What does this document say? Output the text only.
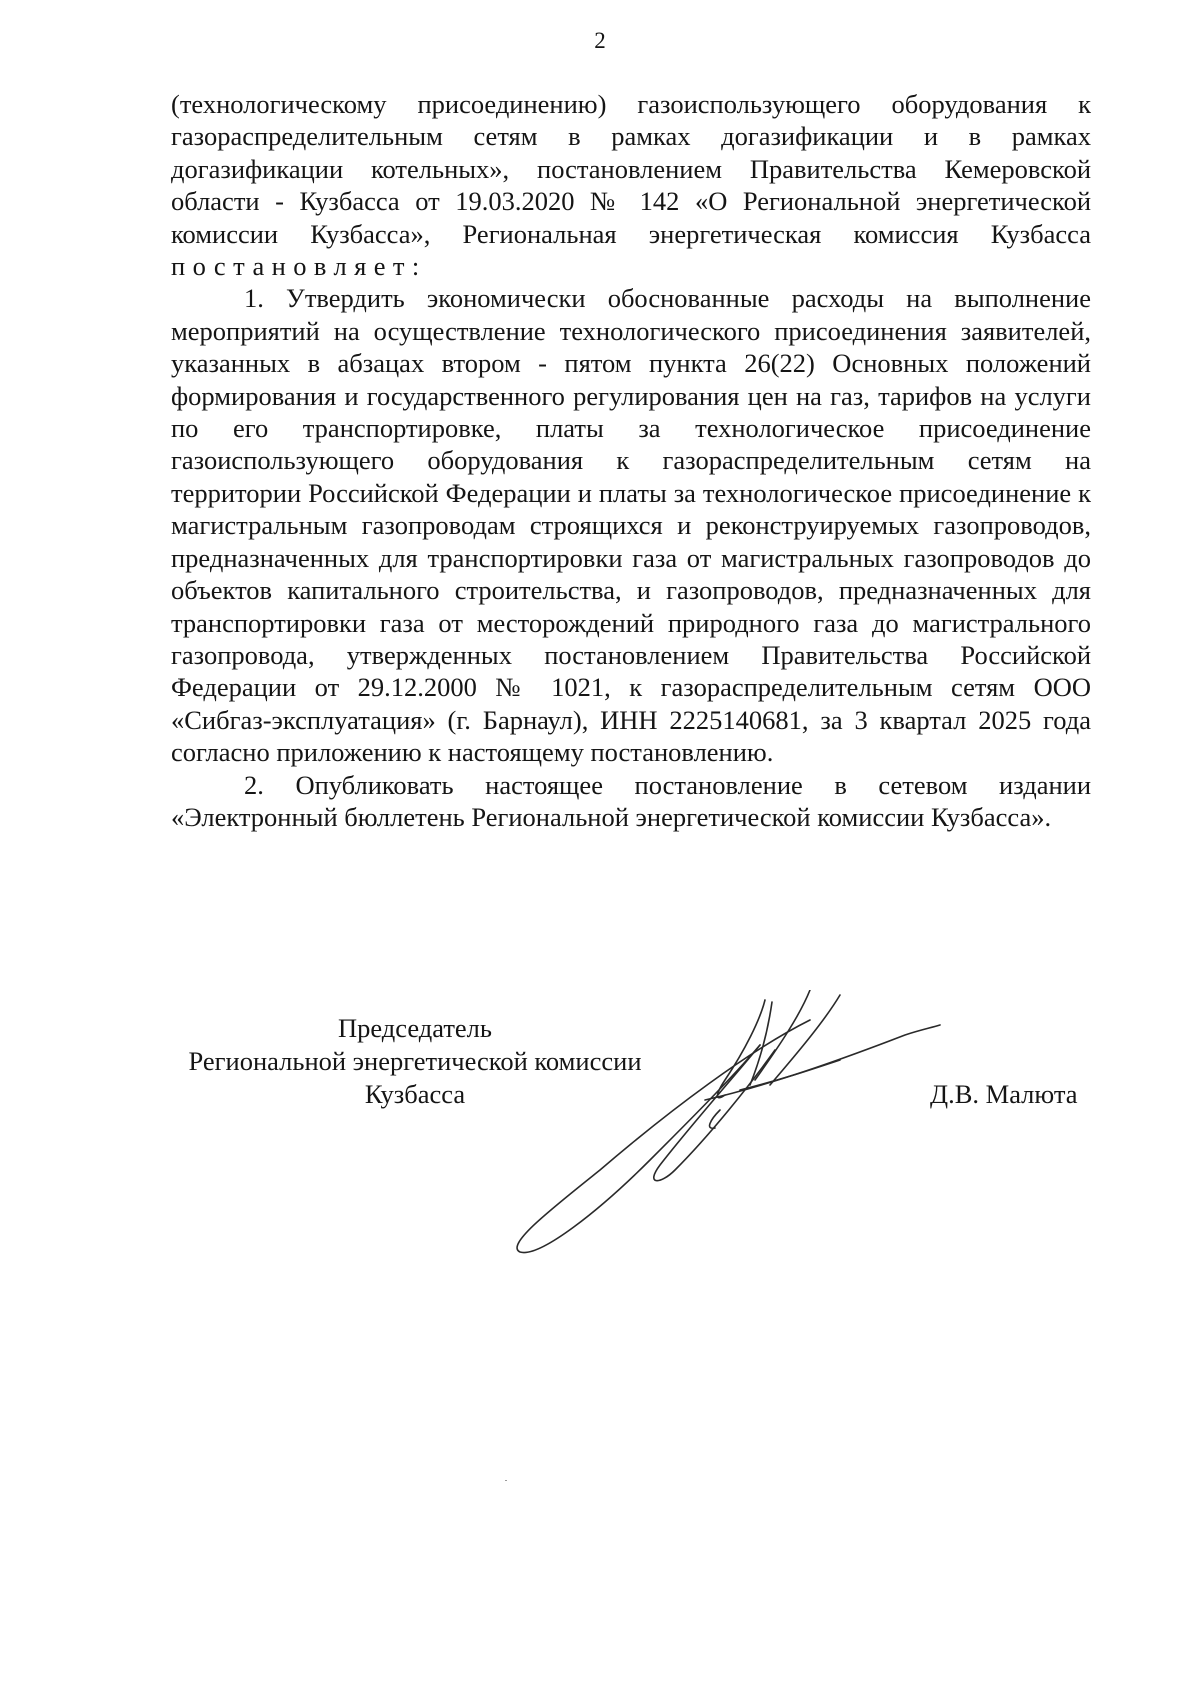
2

(технологическому присоединению) газоиспользующего оборудования к газораспределительным сетям в рамках догазификации и в рамках догазификации котельных», постановлением Правительства Кемеровской области - Кузбасса от 19.03.2020 № 142 «О Региональной энергетической комиссии Кузбасса», Региональная энергетическая комиссия Кузбасса постановляет:

1. Утвердить экономически обоснованные расходы на выполнение мероприятий на осуществление технологического присоединения заявителей, указанных в абзацах втором - пятом пункта 26(22) Основных положений формирования и государственного регулирования цен на газ, тарифов на услуги по его транспортировке, платы за технологическое присоединение газоиспользующего оборудования к газораспределительным сетям на территории Российской Федерации и платы за технологическое присоединение к магистральным газопроводам строящихся и реконструируемых газопроводов, предназначенных для транспортировки газа от магистральных газопроводов до объектов капитального строительства, и газопроводов, предназначенных для транспортировки газа от месторождений природного газа до магистрального газопровода, утвержденных постановлением Правительства Российской Федерации от 29.12.2000 № 1021, к газораспределительным сетям ООО «Сибгаз-эксплуатация» (г. Барнаул), ИНН 2225140681, за 3 квартал 2025 года согласно приложению к настоящему постановлению.

2. Опубликовать настоящее постановление в сетевом издании «Электронный бюллетень Региональной энергетической комиссии Кузбасса».

Председатель
Региональной энергетической комиссии
Кузбасса	Д.В. Малюта
